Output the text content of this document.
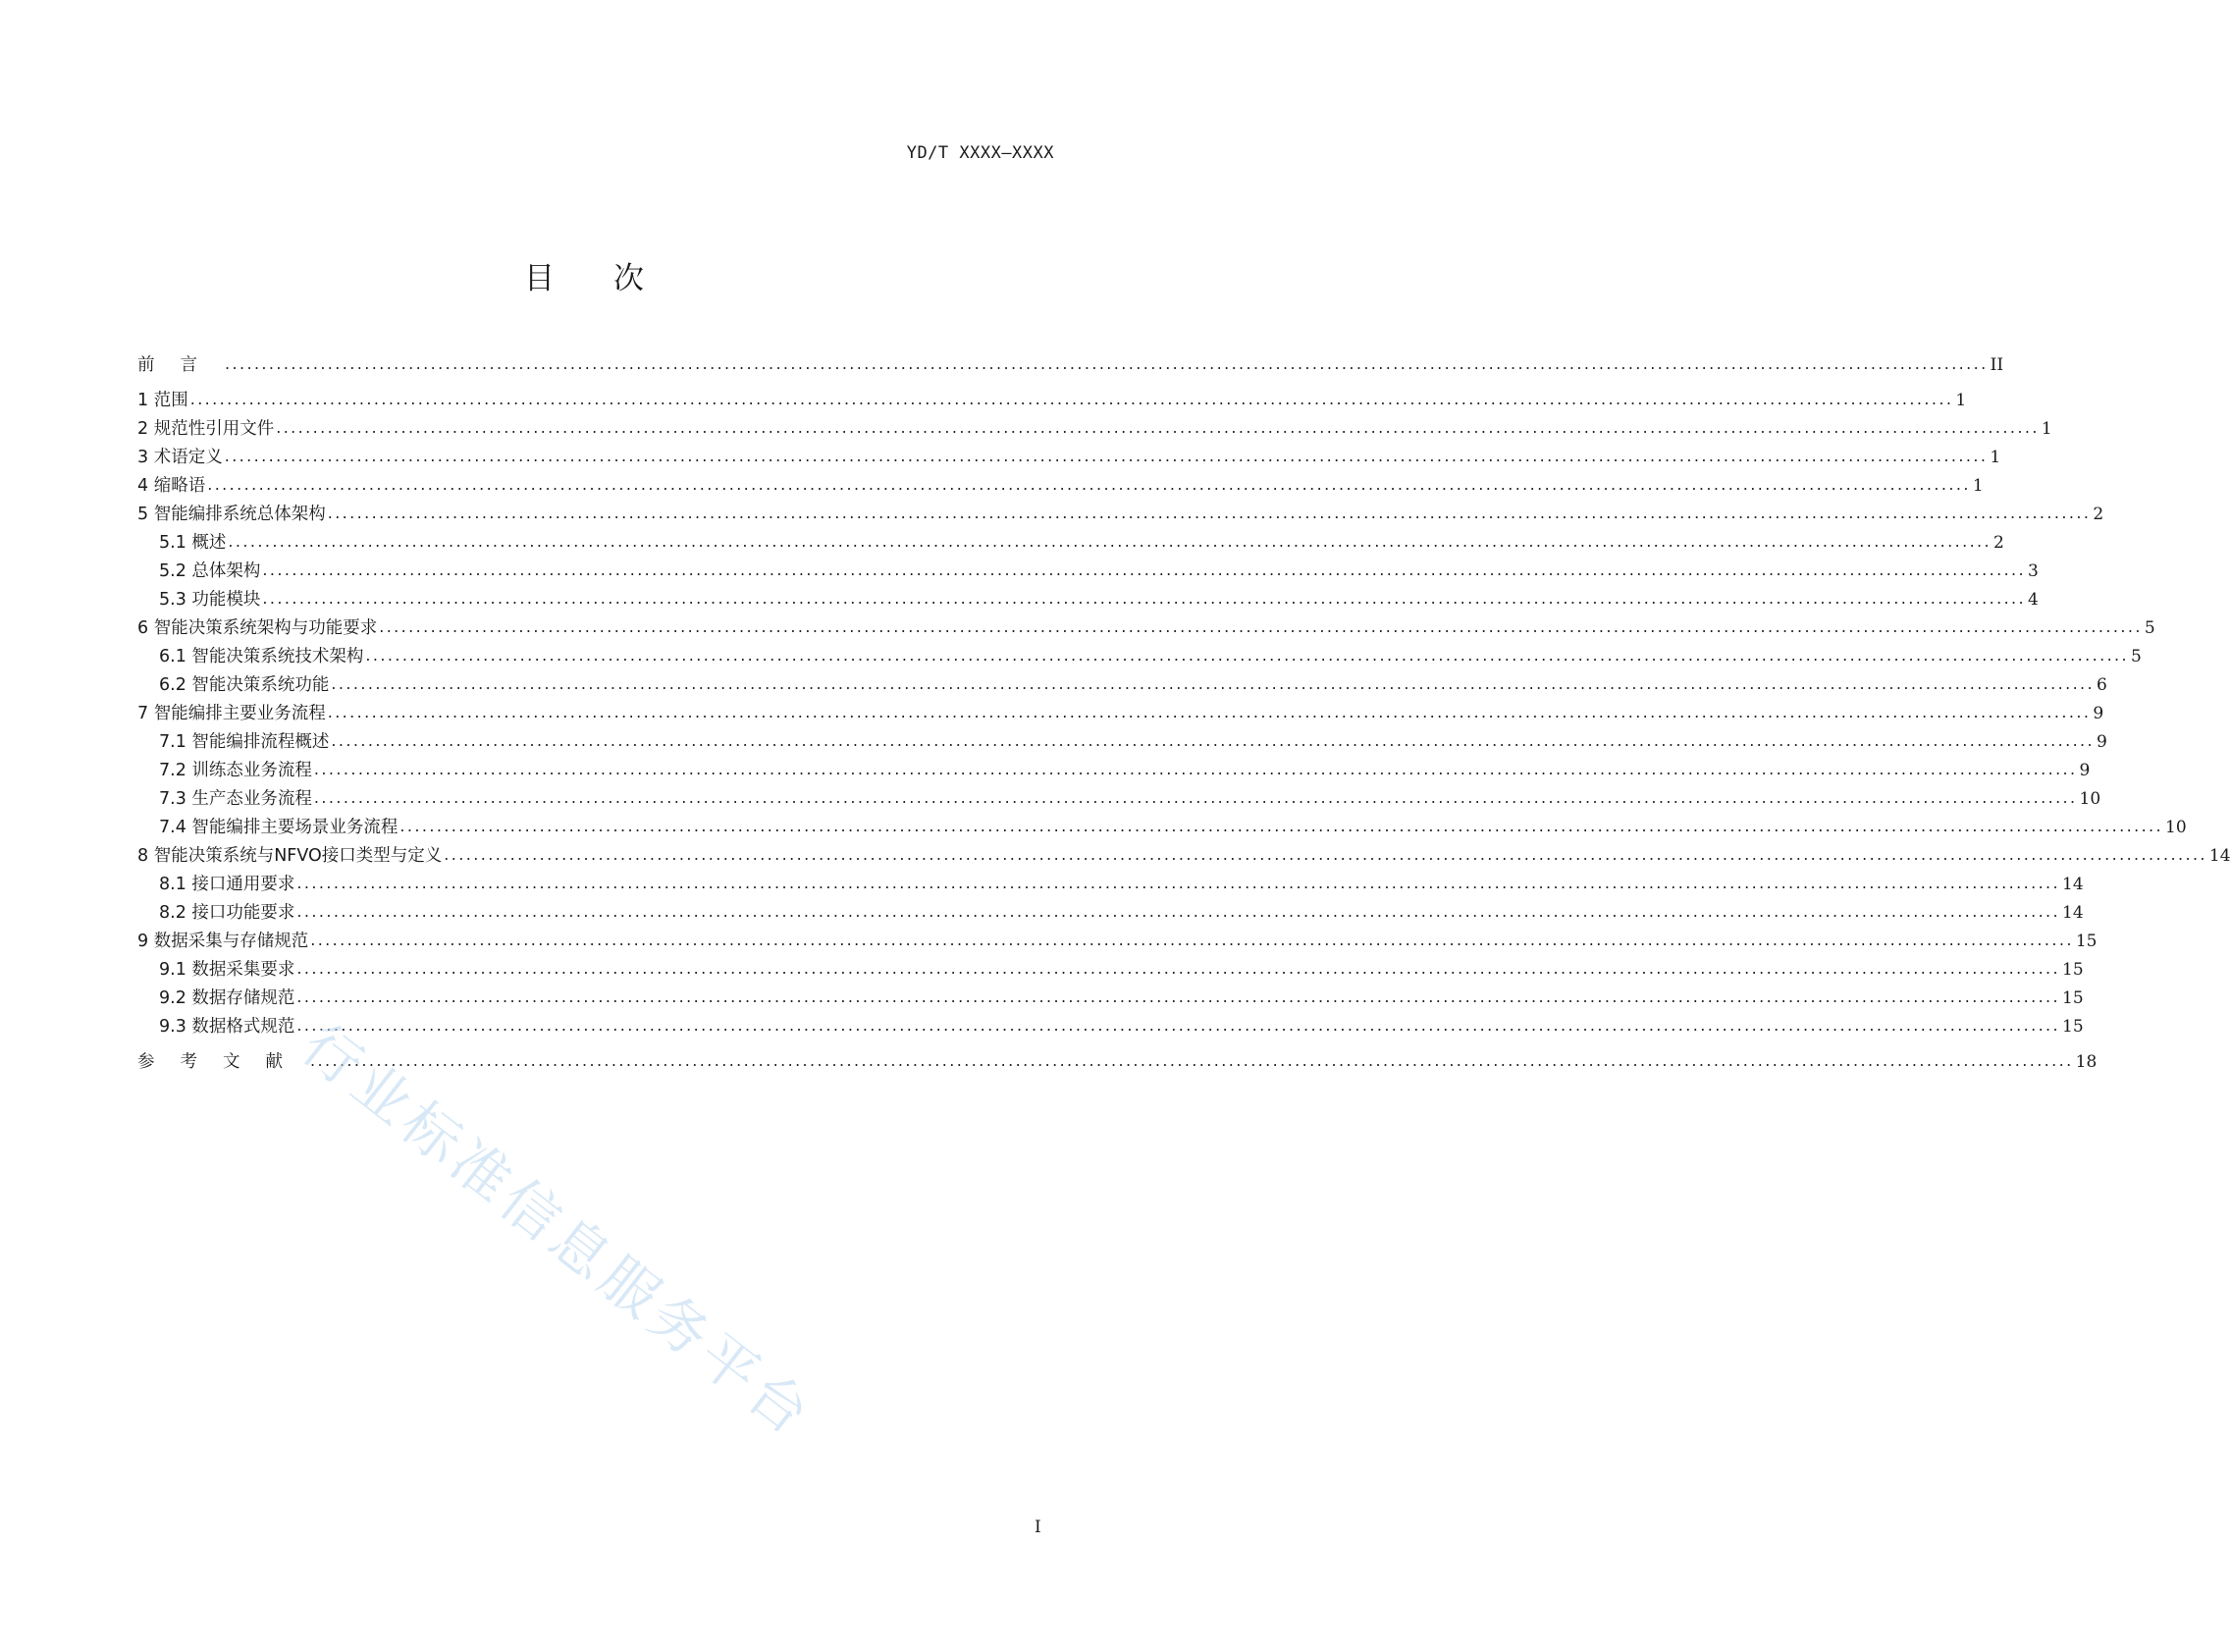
YD/T XXXX—XXXX
目次
前言 ................................................................................................................................................................................................................................................ II
1 范围 ................................................................................................................................................................................................................................................ 1
2 规范性引用文件 ................................................................................................................................................................................................................................................ 1
3 术语定义 ................................................................................................................................................................................................................................................ 1
4 缩略语 ................................................................................................................................................................................................................................................ 1
5 智能编排系统总体架构 ................................................................................................................................................................................................................................................ 2
5.1 概述 ................................................................................................................................................................................................................................................ 2
5.2 总体架构 ................................................................................................................................................................................................................................................ 3
5.3 功能模块 ................................................................................................................................................................................................................................................ 4
6 智能决策系统架构与功能要求 ................................................................................................................................................................................................................................................ 5
6.1 智能决策系统技术架构 ................................................................................................................................................................................................................................................ 5
6.2 智能决策系统功能 ................................................................................................................................................................................................................................................ 6
7 智能编排主要业务流程 ................................................................................................................................................................................................................................................ 9
7.1 智能编排流程概述 ................................................................................................................................................................................................................................................ 9
7.2 训练态业务流程 ................................................................................................................................................................................................................................................ 9
7.3 生产态业务流程 ................................................................................................................................................................................................................................................ 10
7.4 智能编排主要场景业务流程 ................................................................................................................................................................................................................................................ 10
8 智能决策系统与NFVO接口类型与定义 ................................................................................................................................................................................................................................................ 14
8.1 接口通用要求 ................................................................................................................................................................................................................................................ 14
8.2 接口功能要求 ................................................................................................................................................................................................................................................ 14
9 数据采集与存储规范 ................................................................................................................................................................................................................................................ 15
9.1 数据采集要求 ................................................................................................................................................................................................................................................ 15
9.2 数据存储规范 ................................................................................................................................................................................................................................................ 15
9.3 数据格式规范 ................................................................................................................................................................................................................................................ 15
参考文献 ................................................................................................................................................................................................................................................ 18
行业标准信息服务平台
I
